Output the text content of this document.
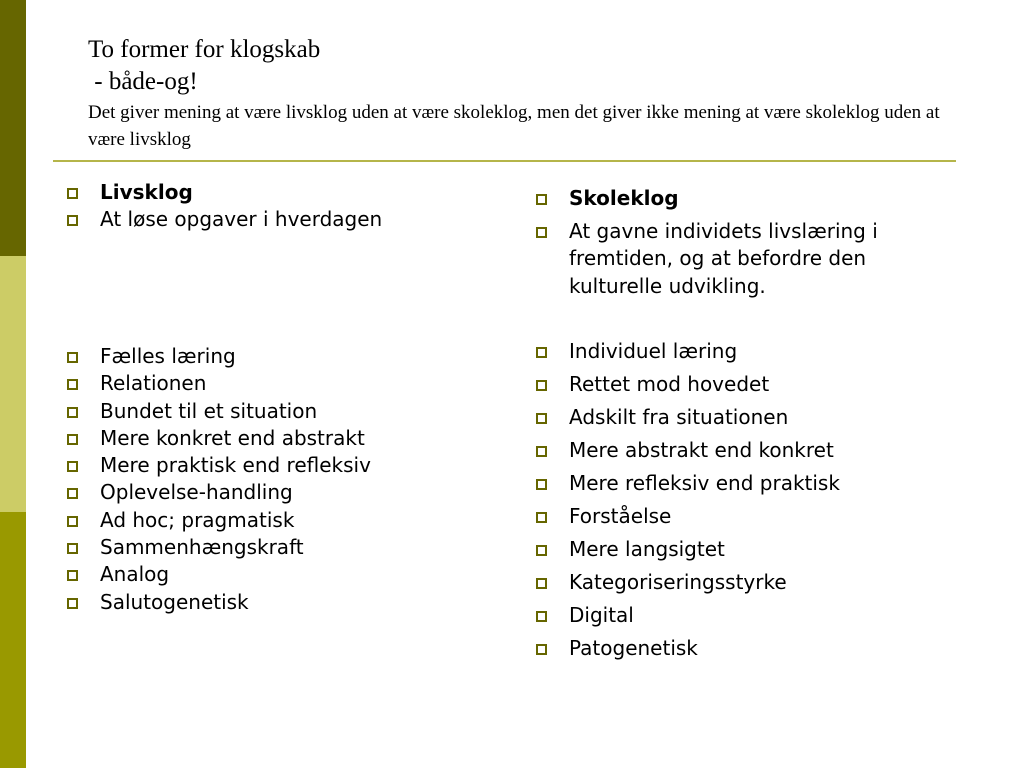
To former for klogskab
- både-og!
Det giver mening at være livsklog uden at være skoleklog, men det giver ikke mening at være skoleklog uden at være livsklog
Livsklog
At løse opgaver i hverdagen
Fælles læring
Relationen
Bundet til et situation
Mere konkret end abstrakt
Mere praktisk end refleksiv
Oplevelse-handling
Ad hoc; pragmatisk
Sammenhængskraft
Analog
Salutogenetisk
Skoleklog
At gavne individets livslæring i fremtiden, og at befordre den kulturelle udvikling.
Individuel læring
Rettet mod hovedet
Adskilt fra situationen
Mere abstrakt end konkret
Mere refleksiv end praktisk
Forståelse
Mere langsigtet
Kategoriseringsstyrke
Digital
Patogenetisk
